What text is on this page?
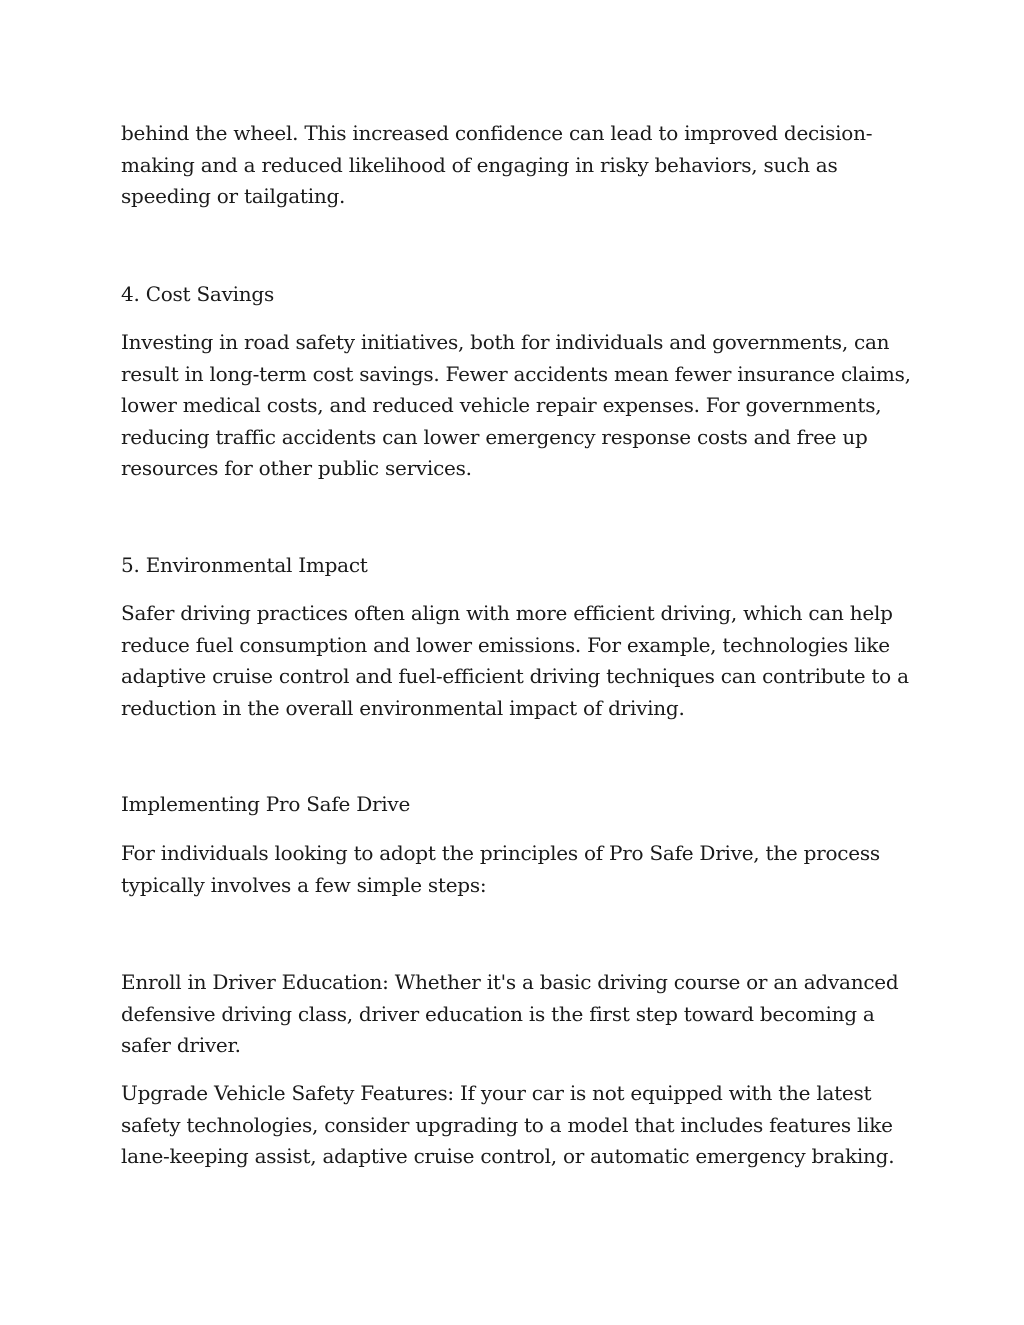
behind the wheel. This increased confidence can lead to improved decision-making and a reduced likelihood of engaging in risky behaviors, such as speeding or tailgating.

4. Cost Savings

Investing in road safety initiatives, both for individuals and governments, can result in long-term cost savings. Fewer accidents mean fewer insurance claims, lower medical costs, and reduced vehicle repair expenses. For governments, reducing traffic accidents can lower emergency response costs and free up resources for other public services.

5. Environmental Impact

Safer driving practices often align with more efficient driving, which can help reduce fuel consumption and lower emissions. For example, technologies like adaptive cruise control and fuel-efficient driving techniques can contribute to a reduction in the overall environmental impact of driving.

Implementing Pro Safe Drive

For individuals looking to adopt the principles of Pro Safe Drive, the process typically involves a few simple steps:

Enroll in Driver Education: Whether it's a basic driving course or an advanced defensive driving class, driver education is the first step toward becoming a safer driver.

Upgrade Vehicle Safety Features: If your car is not equipped with the latest safety technologies, consider upgrading to a model that includes features like lane-keeping assist, adaptive cruise control, or automatic emergency braking.
